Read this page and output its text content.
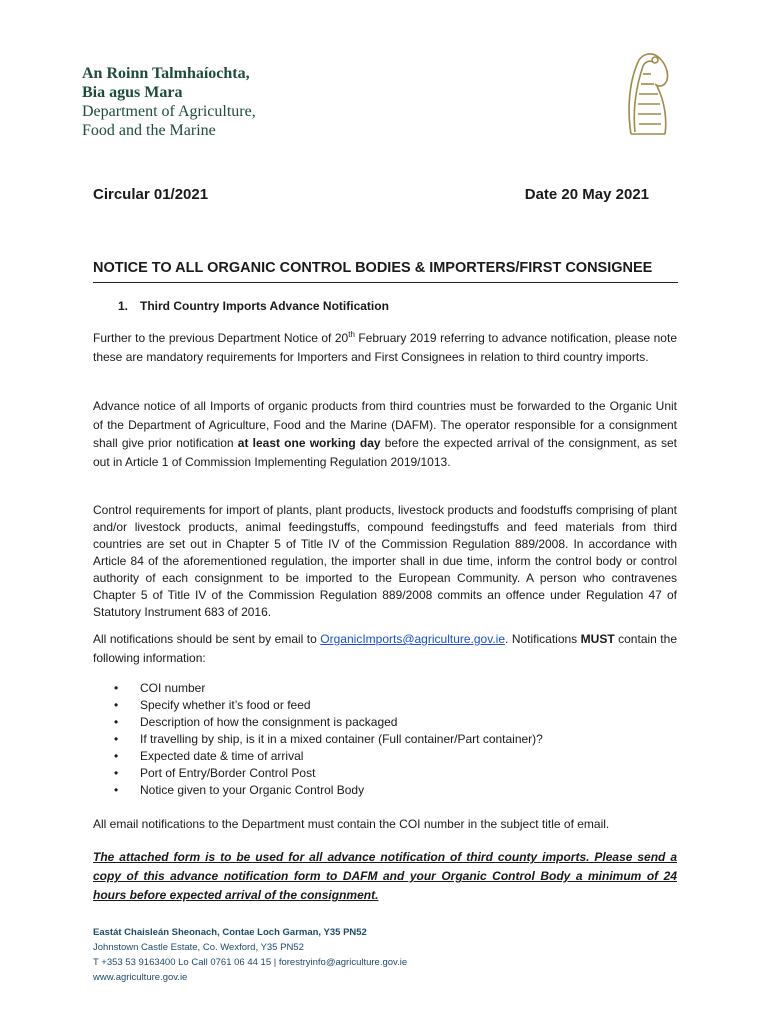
An Roinn Talmhaíochta,
Bia agus Mara
Department of Agriculture,
Food and the Marine
Circular 01/2021	Date 20 May 2021
NOTICE TO ALL ORGANIC CONTROL BODIES & IMPORTERS/FIRST CONSIGNEE
1. Third Country Imports Advance Notification

Further to the previous Department Notice of 20th February 2019 referring to advance notification, please note these are mandatory requirements for Importers and First Consignees in relation to third country imports.

Advance notice of all Imports of organic products from third countries must be forwarded to the Organic Unit of the Department of Agriculture, Food and the Marine (DAFM). The operator responsible for a consignment shall give prior notification at least one working day before the expected arrival of the consignment, as set out in Article 1 of Commission Implementing Regulation 2019/1013.

Control requirements for import of plants, plant products, livestock products and foodstuffs comprising of plant and/or livestock products, animal feedingstuffs, compound feedingstuffs and feed materials from third countries are set out in Chapter 5 of Title IV of the Commission Regulation 889/2008. In accordance with Article 84 of the aforementioned regulation, the importer shall in due time, inform the control body or control authority of each consignment to be imported to the European Community. A person who contravenes Chapter 5 of Title IV of the Commission Regulation 889/2008 commits an offence under Regulation 47 of Statutory Instrument 683 of 2016.

All notifications should be sent by email to OrganicImports@agriculture.gov.ie. Notifications MUST contain the following information:

• COI number
• Specify whether it’s food or feed
• Description of how the consignment is packaged
• If travelling by ship, is it in a mixed container (Full container/Part container)?
• Expected date & time of arrival
• Port of Entry/Border Control Post
• Notice given to your Organic Control Body

All email notifications to the Department must contain the COI number in the subject title of email.

The attached form is to be used for all advance notification of third county imports. Please send a copy of this advance notification form to DAFM and your Organic Control Body a minimum of 24 hours before expected arrival of the consignment.

Eastát Chaisleán Sheonach, Contae Loch Garman, Y35 PN52
Johnstown Castle Estate, Co. Wexford, Y35 PN52
T +353 53 9163400 Lo Call 0761 06 44 15 | forestryinfo@agriculture.gov.ie
www.agriculture.gov.ie
